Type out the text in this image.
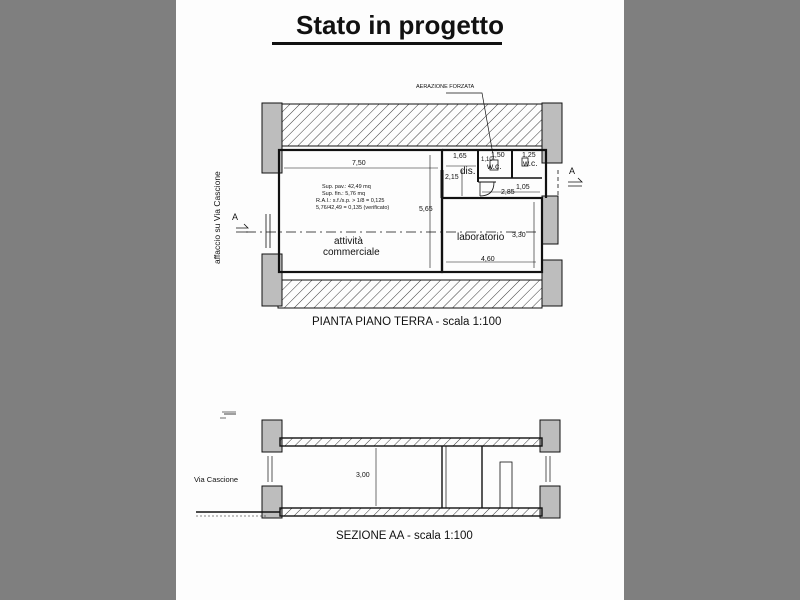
Stato in progetto
AERAZIONE FORZATA
affaccio su Via Cascione A
A
7,50
5,65
4,60
3,30
1,65
2,15
1,50
1,10
1,25
1,05
2,85
dis. w.c.	w.c.
attività
commerciale
laboratorio
Sup. pav.: 42,49 mq
Sup. fin.: 5,76 mq
R.A.I.: s.f./s.p. > 1/8 = 0,125
5,76/42,49 = 0,135 (verificato)
PIANTA PIANO TERRA - scala 1:100
Via Cascione	3,00
SEZIONE AA - scala 1:100
